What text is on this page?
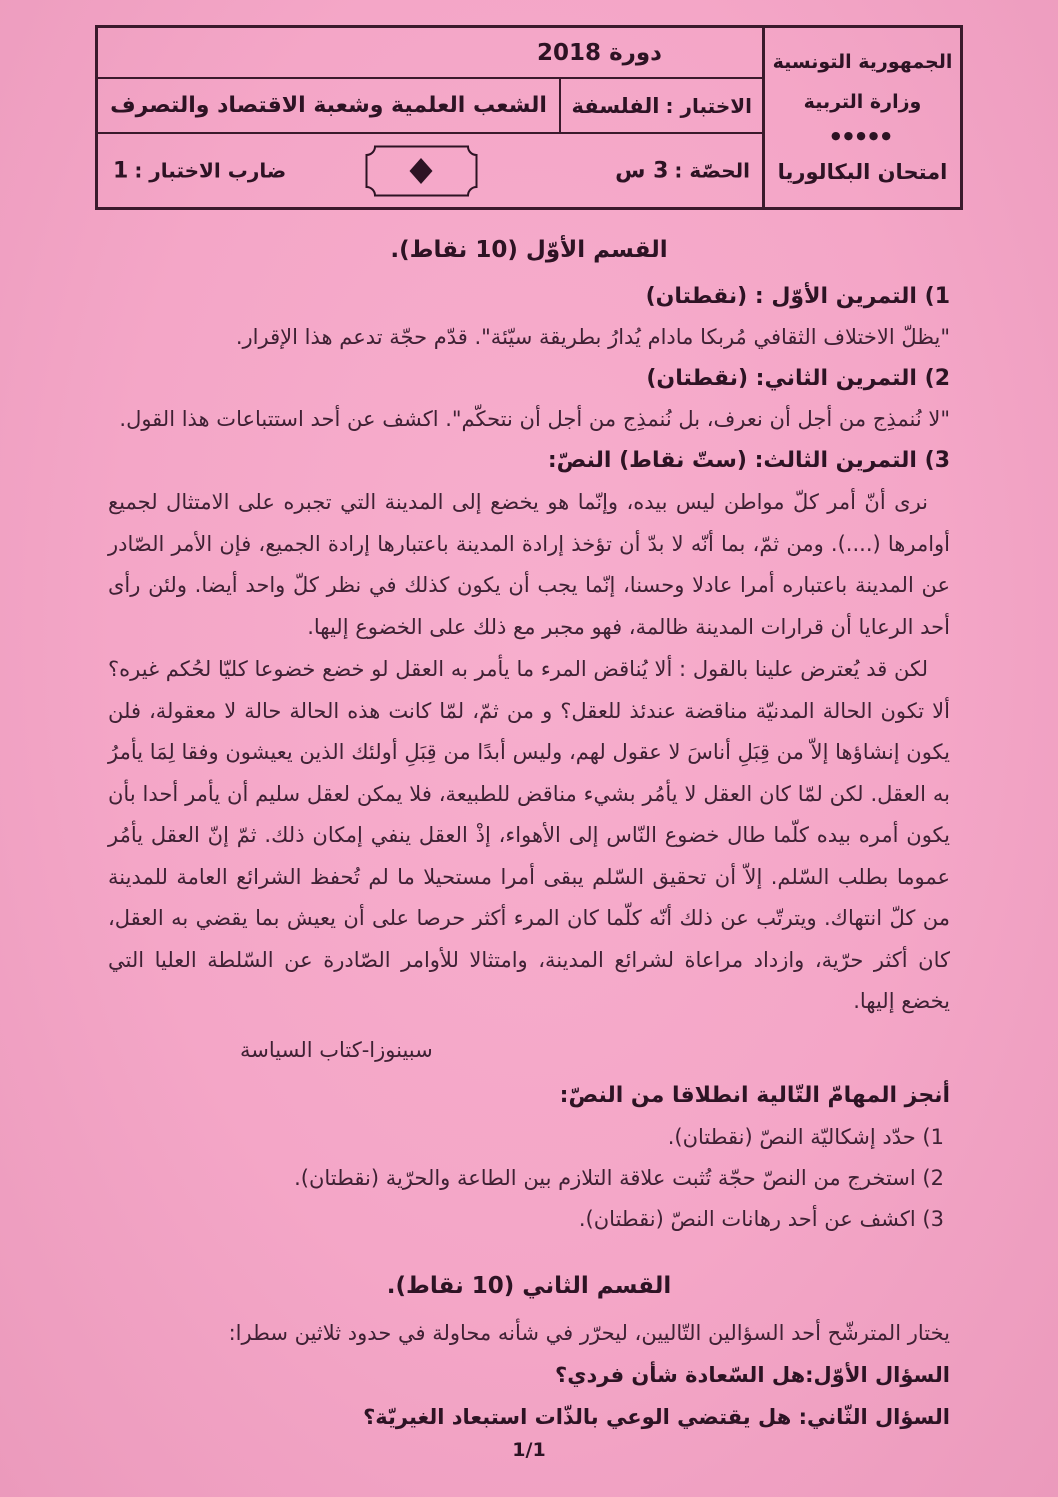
الجمهورية التونسية
وزارة التربية
●●●●●
امتحان البكالوريا
دورة 2018
الاختبار :
الفلسفة
الشعب العلمية وشعبة الاقتصاد والتصرف
الحصّة :
3 س
ضارب الاختبار :
1
القسم الأوّل (10 نقاط).
1) التمرين الأوّل : (نقطتان)
"يظلّ الاختلاف الثقافي مُربكا مادام يُدارُ بطريقة سيّئة". قدّم حجّة تدعم هذا الإقرار.
2) التمرين الثاني: (نقطتان)
"لا نُنمذِج من أجل أن نعرف، بل نُنمذِج من أجل أن نتحكّم". اكشف عن أحد استتباعات هذا القول.
3) التمرين الثالث: (ستّ نقاط) النصّ:
نرى أنّ أمر كلّ مواطن ليس بيده، وإنّما هو يخضع إلى المدينة التي تجبره على الامتثال لجميع أوامرها (....). ومن ثمّ، بما أنّه لا بدّ أن تؤخذ إرادة المدينة باعتبارها إرادة الجميع، فإن الأمر الصّادر عن المدينة باعتباره أمرا عادلا وحسنا، إنّما يجب أن يكون كذلك في نظر كلّ واحد أيضا. ولئن رأى أحد الرعايا أن قرارات المدينة ظالمة، فهو مجبر مع ذلك على الخضوع إليها.
لكن قد يُعترض علينا بالقول : ألا يُناقض المرء ما يأمر به العقل لو خضع خضوعا كليّا لحُكم غيره؟ ألا تكون الحالة المدنيّة مناقضة عندئذ للعقل؟ و من ثمّ، لمّا كانت هذه الحالة حالة لا معقولة، فلن يكون إنشاؤها إلاّ من قِبَلِ أناسَ لا عقول لهم، وليس أبدًا من قِبَلِ أولئك الذين يعيشون وفقا لِمَا يأمرُ به العقل. لكن لمّا كان العقل لا يأمُر بشيء مناقض للطبيعة، فلا يمكن لعقل سليم أن يأمر أحدا بأن يكون أمره بيده كلّما طال خضوع النّاس إلى الأهواء، إذْ العقل ينفي إمكان ذلك. ثمّ إنّ العقل يأمُر عموما بطلب السّلم. إلاّ أن تحقيق السّلم يبقى أمرا مستحيلا ما لم تُحفظ الشرائع العامة للمدينة من كلّ انتهاك. ويترتّب عن ذلك أنّه كلّما كان المرء أكثر حرصا على أن يعيش بما يقضي به العقل، كان أكثر حرّية، وازداد مراعاة لشرائع المدينة، وامتثالا للأوامر الصّادرة عن السّلطة العليا التي يخضع إليها.
سبينوزا-كتاب السياسة
أنجز المهامّ التّالية انطلاقا من النصّ:
1) حدّد إشكاليّة النصّ (نقطتان).
2) استخرج من النصّ حجّة تُثبت علاقة التلازم بين الطاعة والحرّية (نقطتان).
3) اكشف عن أحد رهانات النصّ (نقطتان).
القسم الثاني (10 نقاط).
يختار المترشّح أحد السؤالين التّاليين، ليحرّر في شأنه محاولة في حدود ثلاثين سطرا:
السؤال الأوّل:هل السّعادة شأن فردي؟
السؤال الثّاني: هل يقتضي الوعي بالذّات استبعاد الغيريّة؟
1/1
